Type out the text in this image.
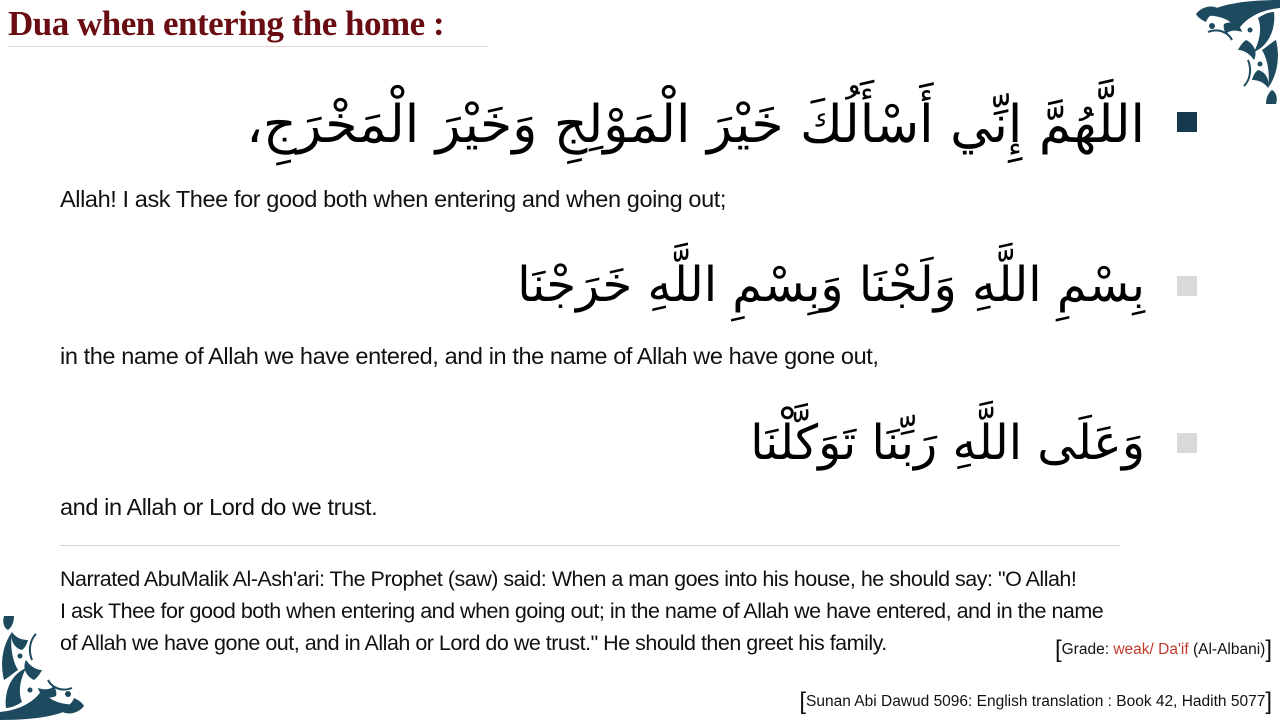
Dua when entering the home :
اللَّهُمَّ إِنِّي أَسْأَلُكَ خَيْرَ الْمَوْلِجِ وَخَيْرَ الْمَخْرَجِ،
Allah! I ask Thee for good both when entering and when going out;
بِسْمِ اللَّهِ وَلَجْنَا وَبِسْمِ اللَّهِ خَرَجْنَا
in the name of Allah we have entered, and in the name of Allah we have gone out,
وَعَلَى اللَّهِ رَبِّنَا تَوَكَّلْنَا
and in Allah or Lord do we trust.
Narrated AbuMalik Al-Ash'ari: The Prophet (saw) said: When a man goes into his house, he should say: "O Allah!
I ask Thee for good both when entering and when going out; in the name of Allah we have entered, and in the name
of Allah we have gone out, and in Allah or Lord do we trust." He should then greet his family.	[Grade: weak/ Da'if (Al-Albani)]
[Sunan Abi Dawud 5096: English translation : Book 42, Hadith 5077]
